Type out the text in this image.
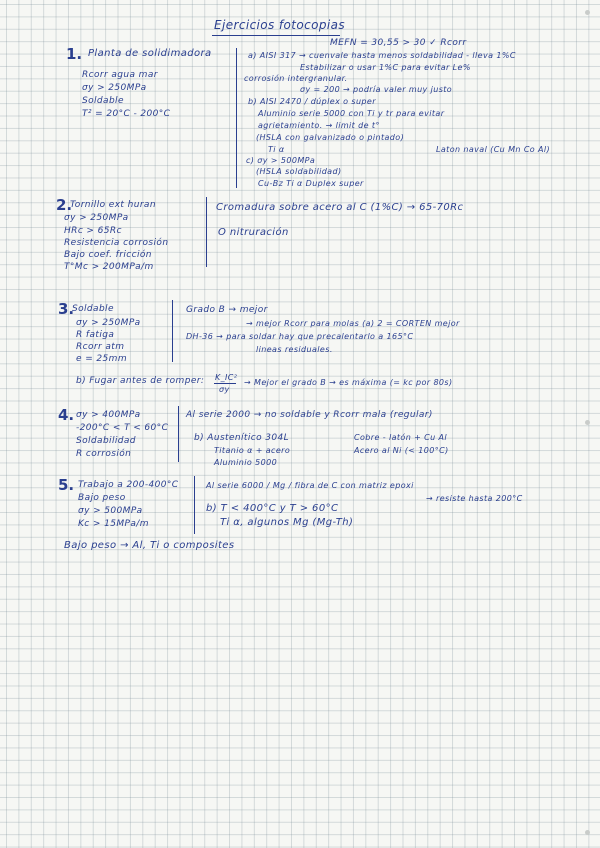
Ejercicios fotocopias
1. Planta de solidimadora
Rcorr agua mar
σy > 250MPa
Soldable
T² = 20°C - 200°C
MEFN = 30,55 > 30 ✓ Rcorr
a) AISI 317 → cuenvale hasta menos soldabilidad - lleva 1%C
Estabilizar o usar 1%C para evitar Le%
corrosión intergranular.
σy = 200 → podría valer muy justo
b) AISI 2470 / dúplex o super
Aluminio serie 5000 con Ti y tr para evitar
agrietamiento. → limit de t°
(HSLA con galvanizado o pintado)
Ti α	Laton naval (Cu Mn Co Al)
c) σy > 500MPa
(HSLA soldabilidad)
Cu-Bz Ti α Duplex super
2.
Tornillo ext huran
σy > 250MPa
HRc > 65Rc
Resistencia corrosión
Bajo coef. fricción
T°Mc > 200MPa/m
Cromadura sobre acero al C (1%C) → 65-70Rc
O nitruración
3.
Soldable
σy > 250MPa
R fatiga
Rcorr atm
e = 25mm
Grado B → mejor
→ mejor Rcorr para molas (a) 2 = CORTEN mejor
DH-36 → para soldar hay que precalentarlo a 165°C
lineas residuales.
b) Fugar antes de romper: K_IC²
σy
→ Mejor el grado B → es máxima (= kc por 80s)
4. σy > 400MPa
-200°C < T < 60°C
Soldabilidad
R corrosión
Al serie 2000 → no soldable y Rcorr mala (regular)
b) Austenítico 304L
Titanio α + acero
Aluminio 5000
Cobre - latón + Cu Al
Acero al Ni (< 100°C)
5. Trabajo a 200-400°C
Bajo peso
σy > 500MPa
Kc > 15MPa/m
Al serie 6000 / Mg / fibra de C con matriz epoxi
→ resiste hasta 200°C
b) T < 400°C y T > 60°C
Ti α, algunos Mg (Mg-Th)
Bajo peso → Al, Ti o composites
